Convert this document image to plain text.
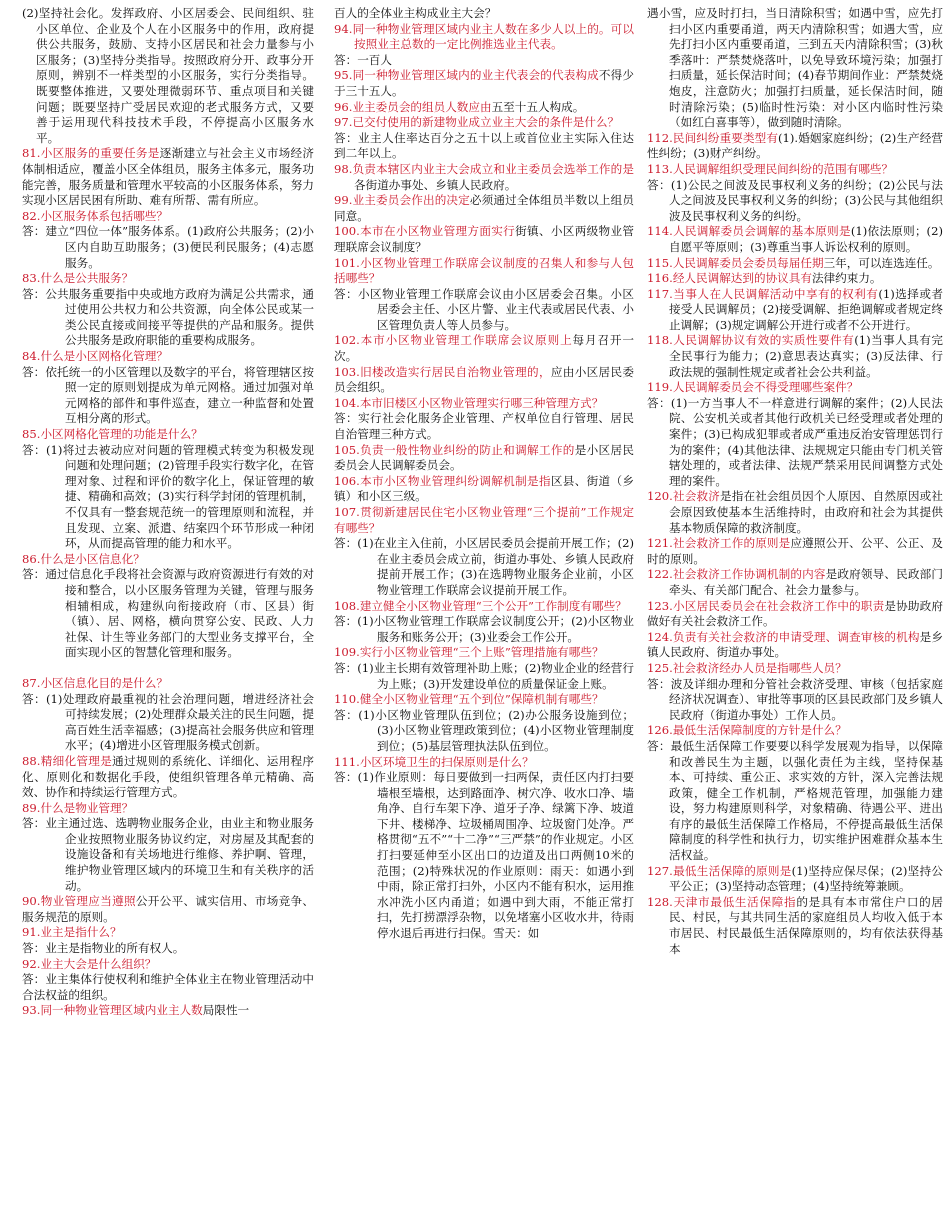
(2)坚持社会化。发挥政府、小区居委会、民间组织、驻小区单位、企业及个人在小区服务中的作用，政府提供公共服务，鼓励、支持小区居民和社会力量参与小区服务；(3)坚持分类指导。按照政府分开、政事分开原则，辨别不一样类型的小区服务，实行分类指导。既要整体推进，又要处理微弱环节、重点项目和关键问题；既要坚持广受居民欢迎的老式服务方式，又要善于运用现代科技技术手段，不停提高小区服务水平。

81.小区服务的重要任务是逐渐建立与社会主义市场经济体制相适应，覆盖小区全体组员，服务主体多元，服务功能完善，服务质量和管理水平较高的小区服务体系，努力实现小区居民困有所助、难有所帮、需有所应。

82.小区服务体系包括哪些？

答：建立“四位一体”服务体系。(1)政府公共服务；(2)小区内自助互助服务；(3)便民利民服务；(4)志愿服务。

83.什么是公共服务？

答：公共服务重要指中央或地方政府为满足公共需求，通过使用公共权力和公共资源，向全体公民或某一类公民直接或间接平等提供的产品和服务。提供公共服务是政府职能的重要构成服务。

84.什么是小区网格化管理？

答：依托统一的小区管理以及数字的平台，将管理辖区按照一定的原则划提成为单元网格。通过加强对单元网格的部件和事件巡查，建立一种监督和处置互相分离的形式。

85.小区网格化管理的功能是什么？

答：(1)将过去被动应对问题的管理模式转变为积极发现问题和处理问题；(2)管理手段实行数字化，在管理对象、过程和评价的数字化上，保证管理的敏捷、精确和高效；(3)实行科学封闭的管理机制，不仅具有一整套规范统一的管理原则和流程，并且发现、立案、派遣、结案四个环节形成一种闭环，从而提高管理的能力和水平。

86.什么是小区信息化？

答：通过信息化手段将社会资源与政府资源进行有效的对接和整合，以小区服务管理为关键，管理与服务相辅相成，构建纵向衔接政府（市、区县）街（镇）、居、网格，横向贯穿公安、民政、人力社保、计生等业务部门的大型业务支撑平台，全面实现小区的智慧化管理和服务。

87.小区信息化目的是什么？

答：(1)处理政府最重视的社会治理问题，增进经济社会可持续发展；(2)处理群众最关注的民生问题，提高百姓生活幸福感；(3)提高社会服务供应和管理水平；(4)增进小区管理服务模式创新。

88.精细化管理是通过规则的系统化、详细化、运用程序化、原则化和数据化手段，使组织管理各单元精确、高效、协作和持续运行管理方式。

89.什么是物业管理？

答：业主通过选、选聘物业服务企业，由业主和物业服务企业按照物业服务协议约定，对房屋及其配套的设施设备和有关场地进行维修、养护啊、管理，维护物业管理区域内的环境卫生和有关秩序的活动。

90.物业管理应当遵照公开公平、诚实信用、市场竞争、服务规范的原则。

91.业主是指什么？

答：业主是指物业的所有权人。

92.业主大会是什么组织？

答：业主集体行使权利和维护全体业主在物业管理活动中合法权益的组织。

93.同一种物业管理区域内业主人数局限性一

百人的全体业主构成业主大会？

94.同一种物业管理区域内业主人数在多少人以上的。可以按照业主总数的一定比例推选业主代表。

答：一百人

95.同一种物业管理区域内的业主代表会的代表构成不得少于三十五人。

96.业主委员会的组员人数应由五至十五人构成。

97.已交付使用的新建物业成立业主大会的条件是什么？

答：业主人住率达百分之五十以上或首位业主实际入住达到二年以上。

98.负责本辖区内业主大会成立和业主委员会选举工作的是各街道办事处、乡镇人民政府。

99.业主委员会作出的决定必须通过全体组员半数以上组员同意。

100.本市在小区物业管理方面实行街镇、小区两级物业管理联席会议制度？

101.小区物业管理工作联席会议制度的召集人和参与人包括哪些？

答：小区物业管理工作联席会议由小区居委会召集。小区居委会主任、小区片警、业主代表或居民代表、小区管理负责人等人员参与。

102.本市小区物业管理工作联席会议原则上每月召开一次。

103.旧楼改造实行居民自治物业管理的，应由小区居民委员会组织。

104.本市旧楼区小区物业管理实行哪三种管理方式？

答：实行社会化服务企业管理、产权单位自行管理、居民自治管理三种方式。

105.负责一般性物业纠纷的防止和调解工作的是小区居民委员会人民调解委员会。

106.本市小区物业管理纠纷调解机制是指区县、街道（乡镇）和小区三级。

107.贯彻新建居民住宅小区物业管理“三个提前”工作规定有哪些？

答：(1)在业主入住前，小区居民委员会提前开展工作；(2)在业主委员会成立前，街道办事处、乡镇人民政府提前开展工作；(3)在选聘物业服务企业前，小区物业管理工作联席会议提前开展工作。

108.建立健全小区物业管理“三个公开”工作制度有哪些？

答：(1)小区物业管理工作联席会议制度公开；(2)小区物业服务和账务公开；(3)业委会工作公开。

109.实行小区物业管理“三个上账”管理措施有哪些？

答：(1)业主长期有效管理补助上账；(2)物业企业的经营行为上账；(3)开发建设单位的质量保证金上账。

110.健全小区物业管理“五个到位”保障机制有哪些？

答：(1)小区物业管理队伍到位；(2)办公服务设施到位；(3)小区物业管理政策到位；(4)小区物业管理制度到位；(5)基层管理执法队伍到位。

111.小区环境卫生的扫保原则是什么？

答：(1)作业原则：每日要做到一扫两保，责任区内打扫要墙根至墙根，达到路面净、树穴净、收水口净、墙角净、自行车架下净、道牙子净、绿篱下净、坡道下井、楼梯净、垃圾桶周围净、垃圾窗门处净。严格贯彻“五不”“十二净”“三严禁”的作业规定。小区打扫要延伸至小区出口的边道及出口两侧10米的范围；(2)特殊状况的作业原则：雨天：如遇小到中雨，除正常打扫外，小区内不能有积水，运用推水冲洗小区内甬道；如遇中到大雨，不能正常打扫，先打捞漂浮杂物，以免堵塞小区收水井，待雨停水退后再进行扫保。雪天：如

遇小雪，应及时打扫，当日清除积雪；如遇中雪，应先打扫小区内重要甬道，两天内清除积雪；如遇大雪，应先打扫小区内重要甬道，三到五天内清除积雪；(3)秋季落叶：严禁焚烧落叶，以免导致环境污染；加强打扫质量，延长保洁时间；(4)春节期间作业：严禁焚烧炮皮，注意防火；加强打扫质量，延长保洁时间，随时清除污染；(5)临时性污染：对小区内临时性污染（如红白喜事等），做到随时清除。

112.民间纠纷重要类型有(1).婚姻家庭纠纷；(2)生产经营性纠纷；(3)财产纠纷。

113.人民调解组织受理民间纠纷的范围有哪些？

答：(1)公民之间波及民事权利义务的纠纷；(2)公民与法人之间波及民事权利义务的纠纷；(3)公民与其他组织波及民事权利义务的纠纷。

114.人民调解委员会调解的基本原则是(1)依法原则；(2)自愿平等原则；(3)尊重当事人诉讼权利的原则。

115.人民调解委员会委员每届任期三年，可以连选连任。

116.经人民调解达到的协议具有法律约束力。

117.当事人在人民调解活动中享有的权利有(1)选择或者接受人民调解员；(2)接受调解、拒绝调解或者规定终止调解；(3)规定调解公开进行或者不公开进行。

118.人民调解协议有效的实质性要件有(1)当事人具有完全民事行为能力；(2)意思表达真实；(3)反法律、行政法规的强制性规定或者社会公共利益。

119.人民调解委员会不得受理哪些案件？

答：(1)一方当事人不一样意进行调解的案件；(2)人民法院、公安机关或者其他行政机关已经受理或者处理的案件；(3)已构成犯罪或者成严重违反治安管理惩罚行为的案件；(4)其他法律、法规规定只能由专门机关管辖处理的，或者法律、法规严禁采用民间调整方式处理的案件。

120.社会救济是指在社会组员因个人原因、自然原因或社会原因致使基本生活维持时，由政府和社会为其提供基本物质保障的救济制度。

121.社会救济工作的原则是应遵照公开、公平、公正、及时的原则。

122.社会救济工作协调机制的内容是政府领导、民政部门牵头、有关部门配合、社会力量参与。

123.小区居民委员会在社会救济工作中的职责是协助政府做好有关社会救济工作。

124.负责有关社会救济的申请受理、调查审核的机构是乡镇人民政府、街道办事处。

125.社会救济经办人员是指哪些人员？

答：波及详细办理和分管社会救济受理、审核（包括家庭经济状况调查）、审批等事项的区县民政部门及乡镇人民政府（街道办事处）工作人员。

126.最低生活保障制度的方针是什么？

答：最低生活保障工作要要以科学发展观为指导，以保障和改善民生为主题，以强化责任为主线，坚持保基本、可持续、重公正、求实效的方针，深入完善法规政策，健全工作机制，严格规范管理，加强能力建设，努力构建原则科学，对象精确、待遇公平、进出有序的最低生活保障工作格局，不停提高最低生活保障制度的科学性和执行力，切实维护困难群众基本生活权益。

127.最低生活保障的原则是(1)坚持应保尽保；(2)坚持公平公正；(3)坚持动态管理；(4)坚持统筹兼顾。

128.天津市最低生活保障指的是具有本市常住户口的居民、村民，与其共同生活的家庭组员人均收入低于本市居民、村民最低生活保障原则的，均有依法获得基本
